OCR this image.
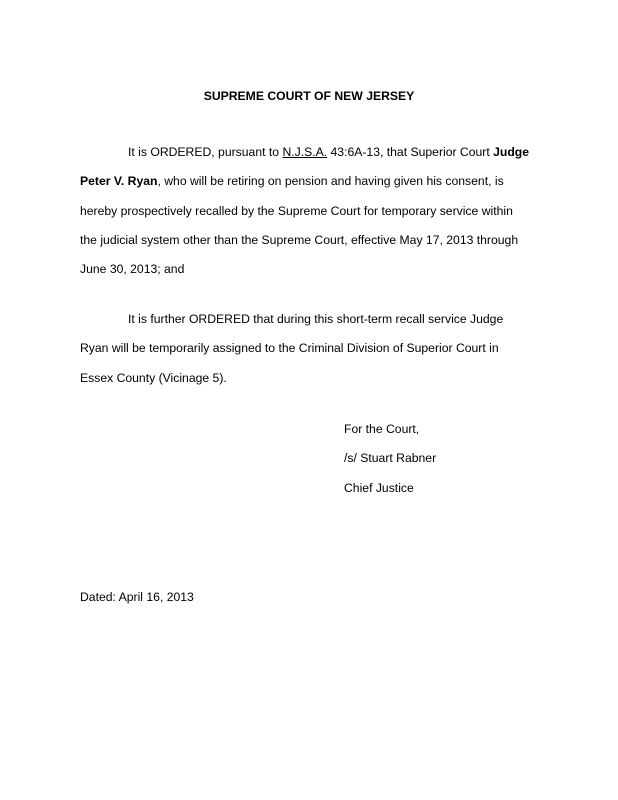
SUPREME COURT OF NEW JERSEY
It is ORDERED, pursuant to N.J.S.A. 43:6A-13, that Superior Court Judge
Peter V. Ryan, who will be retiring on pension and having given his consent, is
hereby prospectively recalled by the Supreme Court for temporary service within
the judicial system other than the Supreme Court, effective May 17, 2013 through
June 30, 2013; and
It is further ORDERED that during this short-term recall service Judge
Ryan will be temporarily assigned to the Criminal Division of Superior Court in
Essex County (Vicinage 5).
For the Court,
/s/ Stuart Rabner
Chief Justice
Dated: April 16, 2013
